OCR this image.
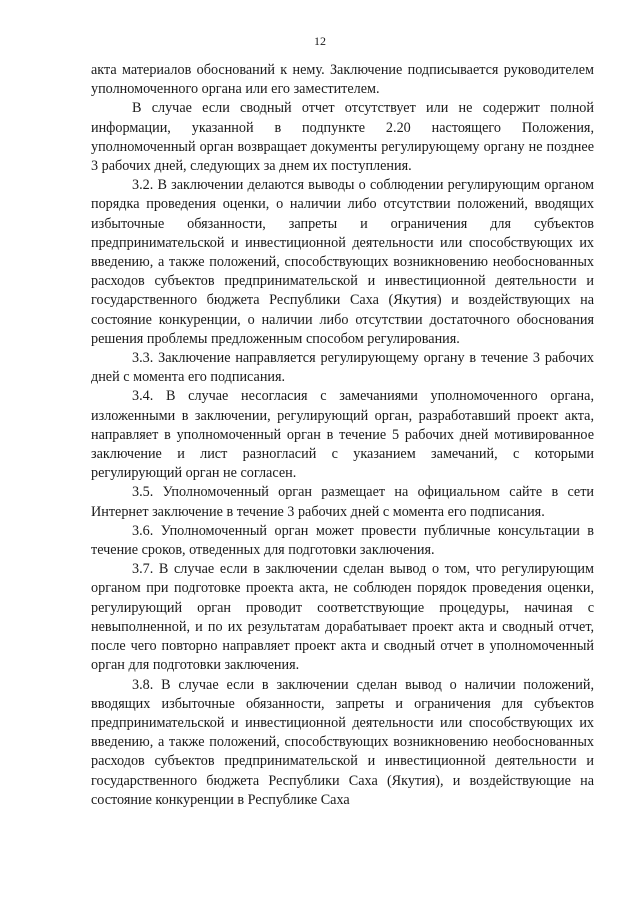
12

акта материалов обоснований к нему. Заключение подписывается руководителем уполномоченного органа или его заместителем.

В случае если сводный отчет отсутствует или не содержит полной информации, указанной в подпункте 2.20 настоящего Положения, уполномоченный орган возвращает документы регулирующему органу не позднее 3 рабочих дней, следующих за днем их поступления.

3.2. В заключении делаются выводы о соблюдении регулирующим органом порядка проведения оценки, о наличии либо отсутствии положений, вводящих избыточные обязанности, запреты и ограничения для субъектов предпринимательской и инвестиционной деятельности или способствующих их введению, а также положений, способствующих возникновению необоснованных расходов субъектов предпринимательской и инвестиционной деятельности и государственного бюджета Республики Саха (Якутия) и воздействующих на состояние конкуренции, о наличии либо отсутствии достаточного обоснования решения проблемы предложенным способом регулирования.

3.3. Заключение направляется регулирующему органу в течение 3 рабочих дней с момента его подписания.

3.4. В случае несогласия с замечаниями уполномоченного органа, изложенными в заключении, регулирующий орган, разработавший проект акта, направляет в уполномоченный орган в течение 5 рабочих дней мотивированное заключение и лист разногласий с указанием замечаний, с которыми регулирующий орган не согласен.

3.5. Уполномоченный орган размещает на официальном сайте в сети Интернет заключение в течение 3 рабочих дней с момента его подписания.

3.6. Уполномоченный орган может провести публичные консультации в течение сроков, отведенных для подготовки заключения.

3.7. В случае если в заключении сделан вывод о том, что регулирующим органом при подготовке проекта акта, не соблюден порядок проведения оценки, регулирующий орган проводит соответствующие процедуры, начиная с невыполненной, и по их результатам дорабатывает проект акта и сводный отчет, после чего повторно направляет проект акта и сводный отчет в уполномоченный орган для подготовки заключения.

3.8. В случае если в заключении сделан вывод о наличии положений, вводящих избыточные обязанности, запреты и ограничения для субъектов предпринимательской и инвестиционной деятельности или способствующих их введению, а также положений, способствующих возникновению необоснованных расходов субъектов предпринимательской и инвестиционной деятельности и государственного бюджета Республики Саха (Якутия), и воздействующие на состояние конкуренции в Республике Саха
